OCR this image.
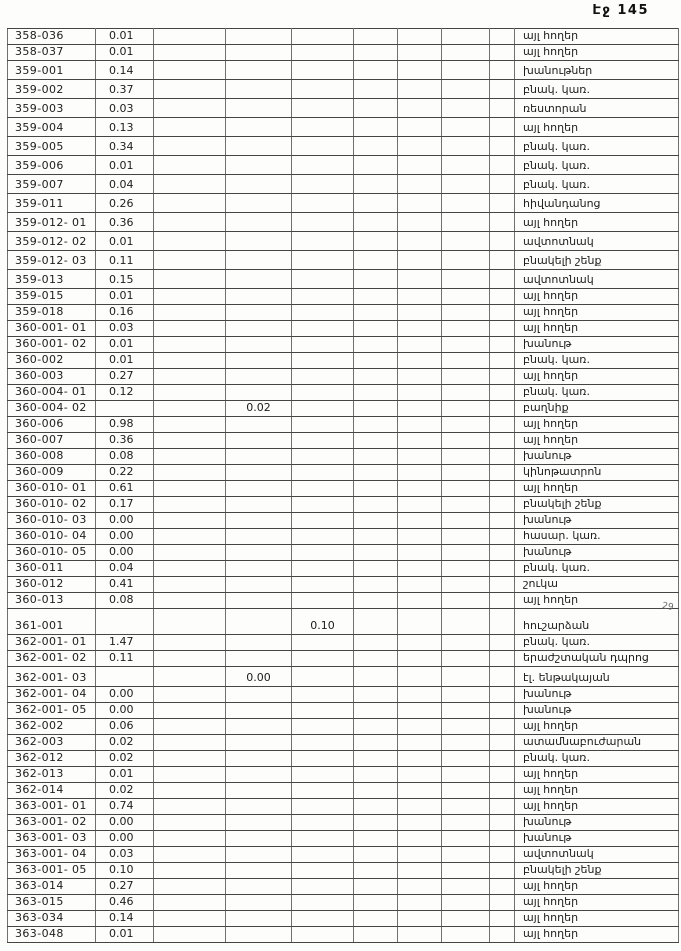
Էջ 145
358-036	0.01								այլ հողեր
358-037	0.01								այլ հողեր
359-001	0.14								խանութներ
359-002	0.37								բնակ. կառ.
359-003	0.03								ռեստորան
359-004	0.13								այլ հողեր
359-005	0.34								բնակ. կառ.
359-006	0.01								բնակ. կառ.
359-007	0.04								բնակ. կառ.
359-011	0.26								հիվանդանոց
359-012- 01	0.36								այլ հողեր
359-012- 02	0.01								ավտոտնակ
359-012- 03	0.11								բնակելի շենք
359-013	0.15								ավտոտնակ
359-015	0.01								այլ հողեր
359-018	0.16								այլ հողեր
360-001- 01	0.03								այլ հողեր
360-001- 02	0.01								խանութ
360-002	0.01								բնակ. կառ.
360-003	0.27								այլ հողեր
360-004- 01	0.12								բնակ. կառ.
360-004- 02			0.02						բաղնիք
360-006	0.98								այլ հողեր
360-007	0.36								այլ հողեր
360-008	0.08								խանութ
360-009	0.22								կինոթատրոն
360-010- 01	0.61								այլ հողեր
360-010- 02	0.17								բնակելի շենք
360-010- 03	0.00								խանութ
360-010- 04	0.00								հասար. կառ.
360-010- 05	0.00								խանութ
360-011	0.04								բնակ. կառ.
360-012	0.41								շուկա
360-013	0.08								այլ հողեր
361-001				0.10					հուշարձան
362-001- 01	1.47								բնակ. կառ.
362-001- 02	0.11								երաժշտական դպրոց
362-001- 03			0.00						էլ. ենթակայան
362-001- 04	0.00								խանութ
362-001- 05	0.00								խանութ
362-002	0.06								այլ հողեր
362-003	0.02								ատամնաբուժարան
362-012	0.02								բնակ. կառ.
362-013	0.01								այլ հողեր
362-014	0.02								այլ հողեր
363-001- 01	0.74								այլ հողեր
363-001- 02	0.00								խանութ
363-001- 03	0.00								խանութ
363-001- 04	0.03								ավտոտնակ
363-001- 05	0.10								բնակելի շենք
363-014	0.27								այլ հողեր
363-015	0.46								այլ հողեր
363-034	0.14								այլ հողեր
363-048	0.01								այլ հողեր
29
